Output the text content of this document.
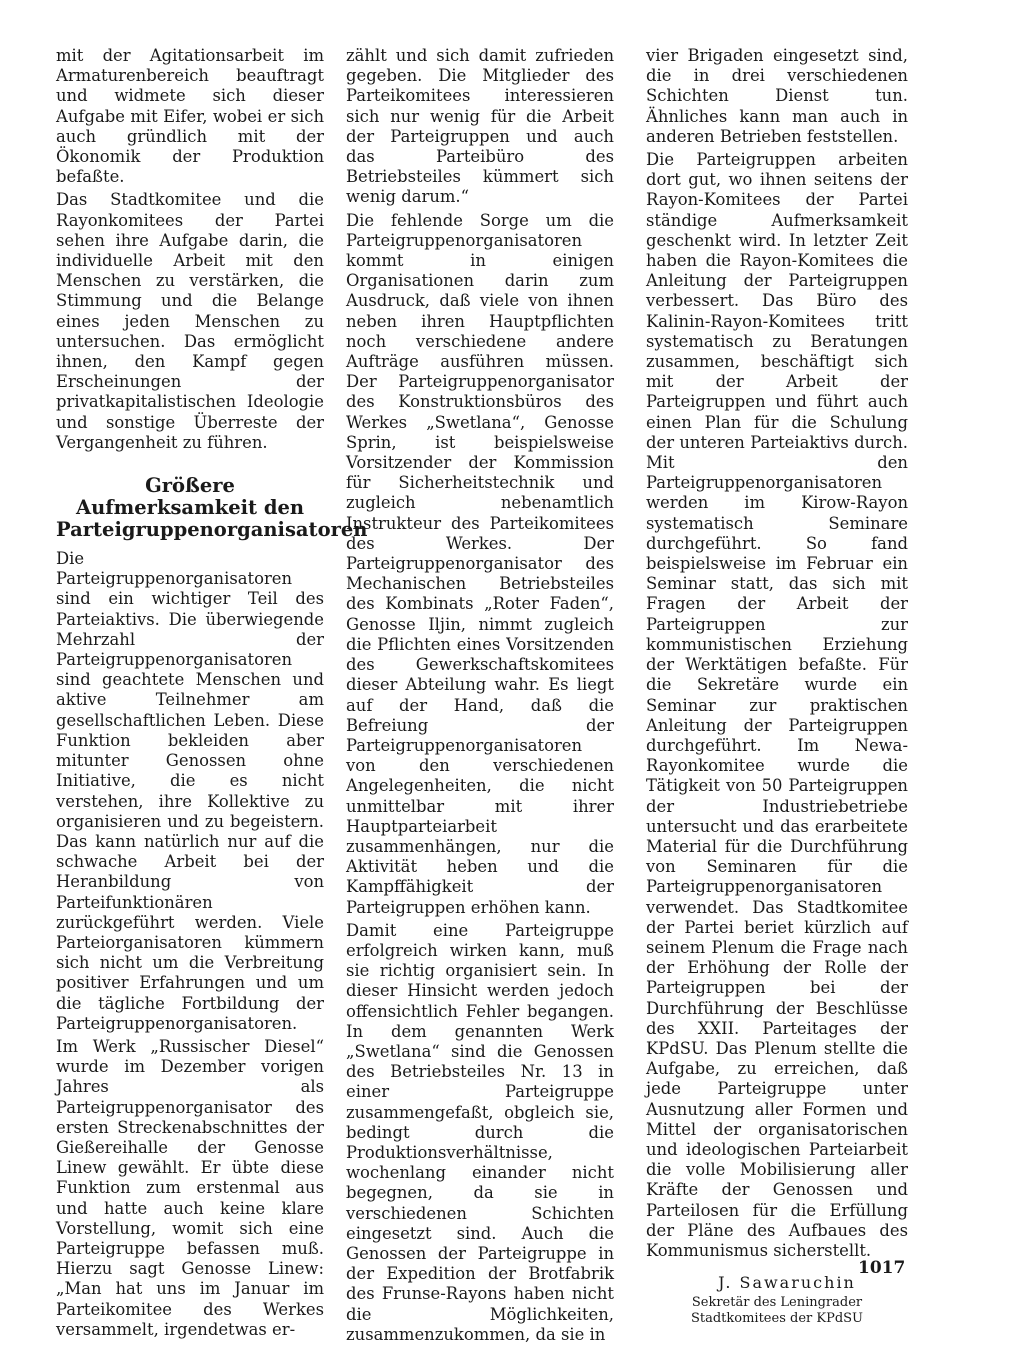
mit der Agitationsarbeit im Armaturenbereich beauftragt und widmete sich dieser Aufgabe mit Eifer, wobei er sich auch gründlich mit der Ökonomik der Produktion befaßte.

Das Stadtkomitee und die Rayonkomitees der Partei sehen ihre Aufgabe darin, die individuelle Arbeit mit den Menschen zu verstärken, die Stimmung und die Belange eines jeden Menschen zu untersuchen. Das ermöglicht ihnen, den Kampf gegen Erscheinungen der privatkapitalistischen Ideologie und sonstige Überreste der Vergangenheit zu führen.

Größere Aufmerksamkeit den Parteigruppenorganisatoren

Die Parteigruppenorganisatoren sind ein wichtiger Teil des Parteiaktivs. Die überwiegende Mehrzahl der Parteigruppenorganisatoren sind geachtete Menschen und aktive Teilnehmer am gesellschaftlichen Leben. Diese Funktion bekleiden aber mitunter Genossen ohne Initiative, die es nicht verstehen, ihre Kollektive zu organisieren und zu begeistern. Das kann natürlich nur auf die schwache Arbeit bei der Heranbildung von Parteifunktionären zurückgeführt werden. Viele Parteiorganisatoren kümmern sich nicht um die Verbreitung positiver Erfahrungen und um die tägliche Fortbildung der Parteigruppenorganisatoren.

Im Werk „Russischer Diesel“ wurde im Dezember vorigen Jahres als Parteigruppenorganisator des ersten Streckenabschnittes der Gießereihalle der Genosse Linew gewählt. Er übte diese Funktion zum erstenmal aus und hatte auch keine klare Vorstellung, womit sich eine Parteigruppe befassen muß. Hierzu sagt Genosse Linew: „Man hat uns im Januar im Parteikomitee des Werkes versammelt, irgendetwas er-

zählt und sich damit zufrieden gegeben. Die Mitglieder des Parteikomitees interessieren sich nur wenig für die Arbeit der Parteigruppen und auch das Parteibüro des Betriebsteiles kümmert sich wenig darum.“

Die fehlende Sorge um die Parteigruppenorganisatoren kommt in einigen Organisationen darin zum Ausdruck, daß viele von ihnen neben ihren Hauptpflichten noch verschiedene andere Aufträge ausführen müssen. Der Parteigruppenorganisator des Konstruktionsbüros des Werkes „Swetlana“, Genosse Sprin, ist beispielsweise Vorsitzender der Kommission für Sicherheitstechnik und zugleich nebenamtlich Instrukteur des Parteikomitees des Werkes. Der Parteigruppenorganisator des Mechanischen Betriebsteiles des Kombinats „Roter Faden“, Genosse Iljin, nimmt zugleich die Pflichten eines Vorsitzenden des Gewerkschaftskomitees dieser Abteilung wahr. Es liegt auf der Hand, daß die Befreiung der Parteigruppenorganisatoren von den verschiedenen Angelegenheiten, die nicht unmittelbar mit ihrer Hauptparteiarbeit zusammenhängen, nur die Aktivität heben und die Kampffähigkeit der Parteigruppen erhöhen kann.

Damit eine Parteigruppe erfolgreich wirken kann, muß sie richtig organisiert sein. In dieser Hinsicht werden jedoch offensichtlich Fehler begangen. In dem genannten Werk „Swetlana“ sind die Genossen des Betriebsteiles Nr. 13 in einer Parteigruppe zusammengefaßt, obgleich sie, bedingt durch die Produktionsverhältnisse, wochenlang einander nicht begegnen, da sie in verschiedenen Schichten eingesetzt sind. Auch die Genossen der Parteigruppe in der Expedition der Brotfabrik des Frunse-Rayons haben nicht die Möglichkeiten, zusammenzukommen, da sie in

vier Brigaden eingesetzt sind, die in drei verschiedenen Schichten Dienst tun. Ähnliches kann man auch in anderen Betrieben feststellen.

Die Parteigruppen arbeiten dort gut, wo ihnen seitens der Rayon-Komitees der Partei ständige Aufmerksamkeit geschenkt wird. In letzter Zeit haben die Rayon-Komitees die Anleitung der Parteigruppen verbessert. Das Büro des Kalinin-Rayon-Komitees tritt systematisch zu Beratungen zusammen, beschäftigt sich mit der Arbeit der Parteigruppen und führt auch einen Plan für die Schulung der unteren Parteiaktivs durch. Mit den Parteigruppenorganisatoren werden im Kirow-Rayon systematisch Seminare durchgeführt. So fand beispielsweise im Februar ein Seminar statt, das sich mit Fragen der Arbeit der Parteigruppen zur kommunistischen Erziehung der Werktätigen befaßte. Für die Sekretäre wurde ein Seminar zur praktischen Anleitung der Parteigruppen durchgeführt. Im Newa-Rayonkomitee wurde die Tätigkeit von 50 Parteigruppen der Industriebetriebe untersucht und das erarbeitete Material für die Durchführung von Seminaren für die Parteigruppenorganisatoren verwendet. Das Stadtkomitee der Partei beriet kürzlich auf seinem Plenum die Frage nach der Erhöhung der Rolle der Parteigruppen bei der Durchführung der Beschlüsse des XXII. Parteitages der KPdSU. Das Plenum stellte die Aufgabe, zu erreichen, daß jede Parteigruppe unter Ausnutzung aller Formen und Mittel der organisatorischen und ideologischen Parteiarbeit die volle Mobilisierung aller Kräfte der Genossen und Parteilosen für die Erfüllung der Pläne des Aufbaues des Kommunismus sicherstellt.

J. Sawaruchin
Sekretär des Leningrader
Stadtkomitees der KPdSU
1017
